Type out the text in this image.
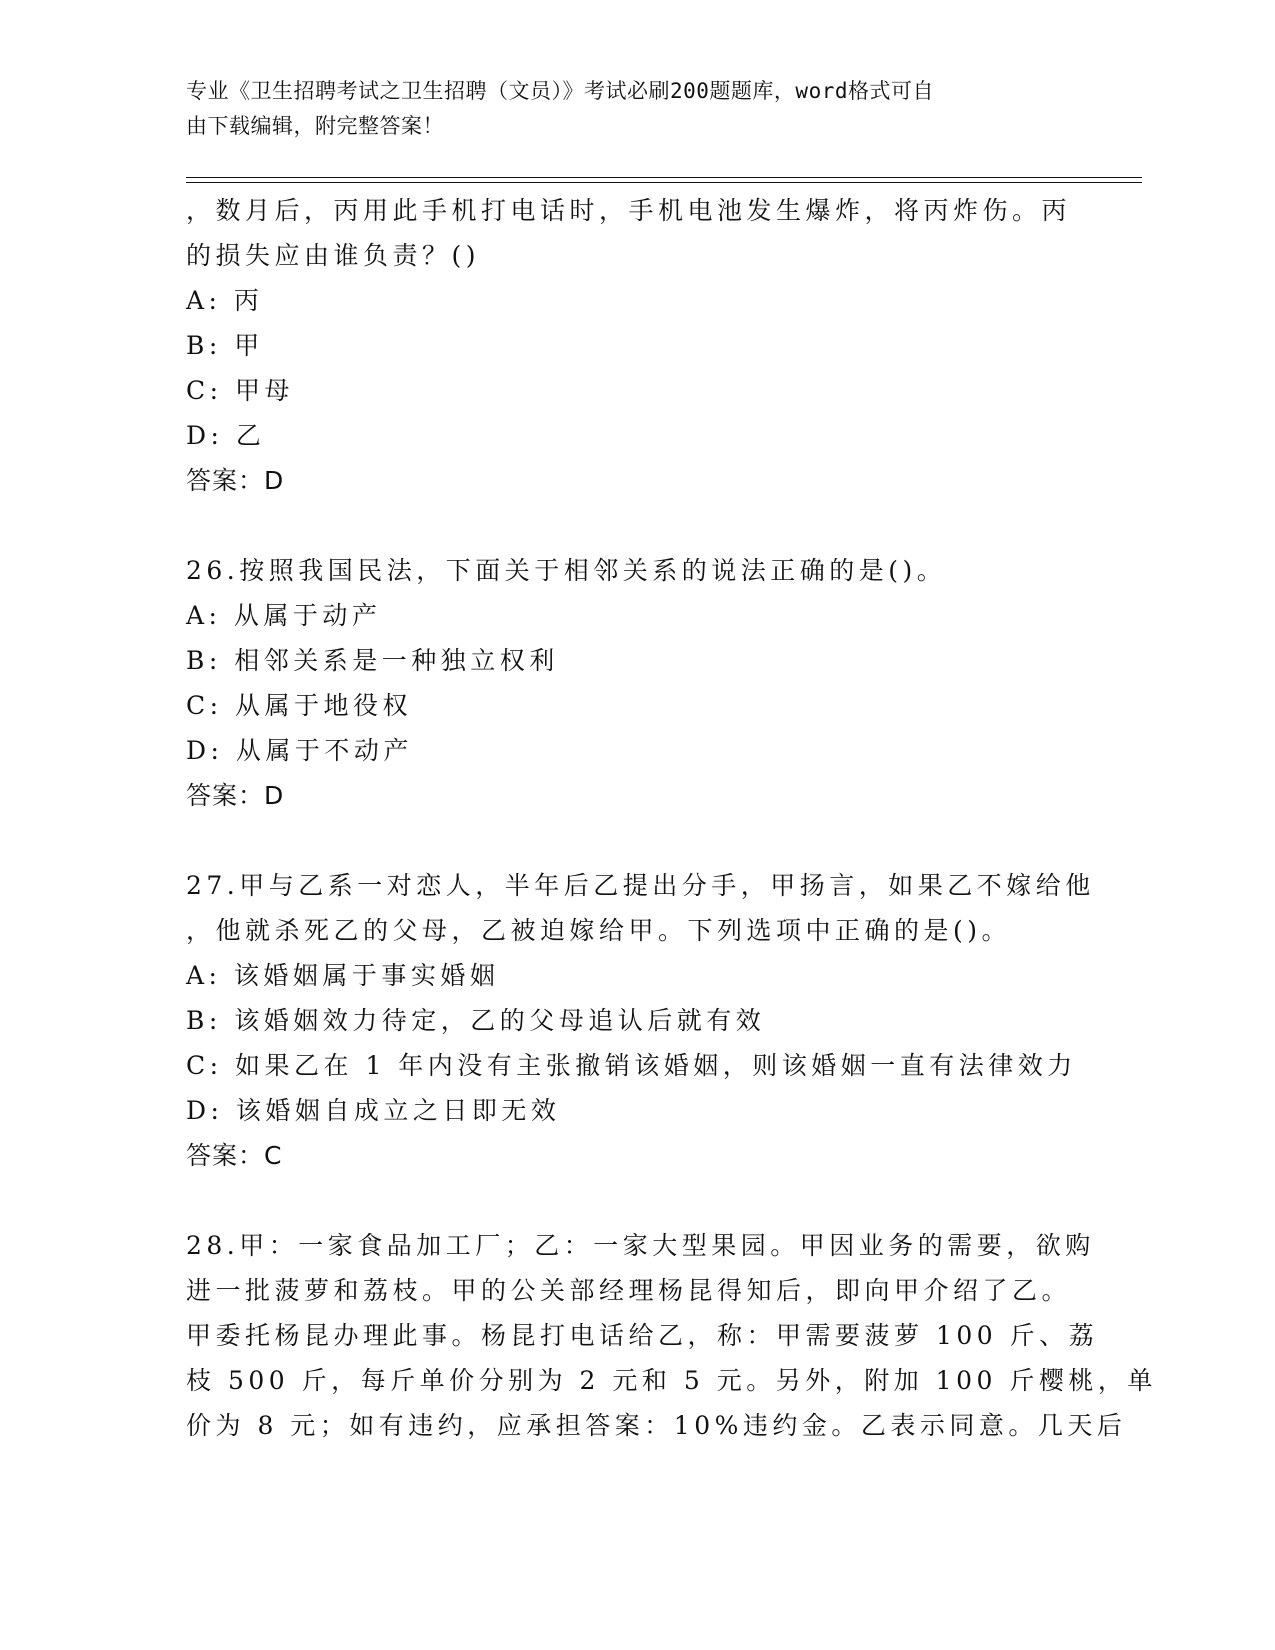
专业《卫生招聘考试之卫生招聘（文员）》考试必刷200题题库，word格式可自
由下载编辑，附完整答案！
，数月后，丙用此手机打电话时，手机电池发生爆炸，将丙炸伤。丙
的损失应由谁负责？()
A: 丙
B: 甲
C: 甲母
D: 乙
答案：D
26.按照我国民法，下面关于相邻关系的说法正确的是()。
A: 从属于动产
B: 相邻关系是一种独立权利
C: 从属于地役权
D: 从属于不动产
答案：D
27.甲与乙系一对恋人，半年后乙提出分手，甲扬言，如果乙不嫁给他
，他就杀死乙的父母，乙被迫嫁给甲。下列选项中正确的是()。
A: 该婚姻属于事实婚姻
B: 该婚姻效力待定，乙的父母追认后就有效
C: 如果乙在 1 年内没有主张撤销该婚姻，则该婚姻一直有法律效力
D: 该婚姻自成立之日即无效
答案：C
28.甲：一家食品加工厂；乙：一家大型果园。甲因业务的需要，欲购
进一批菠萝和荔枝。甲的公关部经理杨昆得知后，即向甲介绍了乙。
甲委托杨昆办理此事。杨昆打电话给乙，称：甲需要菠萝 100 斤、荔
枝 500 斤，每斤单价分别为 2 元和 5 元。另外，附加 100 斤樱桃，单
价为 8 元；如有违约，应承担答案：10%违约金。乙表示同意。几天后
